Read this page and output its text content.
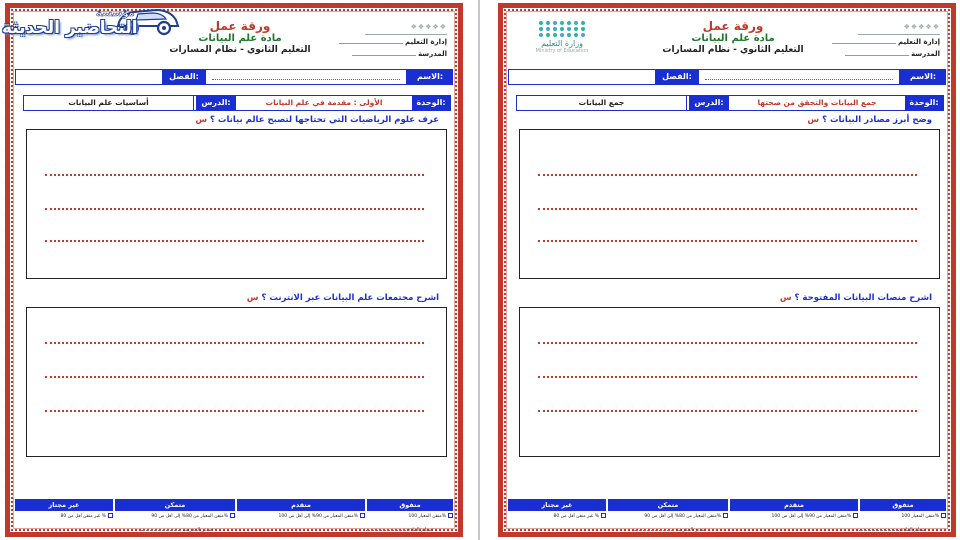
❖❖❖❖❖
إدارة التعليم
المدرسة
ورقة عمل
مادة علم البيانات
التعليم الثانوي - نظام المسارات
الاسم:
الفصل:
الوحدة:
الأولى : مقدمة في علم البيانات
الدرس:
أساسيات علم البيانات
عرف علوم الرياضيات التي تحتاجها لتصبح عالم بيانات ؟ س
اشرح مجتمعات علم البيانات عبر الانترنت ؟ س
متفوق
متقدم
متمكن
غير مجتاز
متقن المعيار 100%
متقن المعيار من 90% إلى أقل من 100%
متقن المعيار من 80% إلى أقل من 90%
غير متقن أقل من 80 %
معلم المادة:
مدير المدرسة:
❖❖❖❖❖
إدارة التعليم
المدرسة
ورقة عمل
مادة علم البيانات
التعليم الثانوي - نظام المسارات
وزارة التعليم
Ministry of Education
الاسم:
الفصل:
الوحدة:
جمع البيانات والتحقق من صحتها
الدرس:
جمع البيانات
وضح أبرز مصادر البيانات ؟ س
اشرح منصات البيانات المفتوحة ؟ س
متفوق
متقدم
متمكن
غير مجتاز
متقن المعيار 100%
متقن المعيار من 90% إلى أقل من 100%
متقن المعيار من 80% إلى أقل من 90%
غير متقن أقل من 80 %
معلم المادة:
مدير المدرسة:
مؤسسة
التحاضير الحديثة
